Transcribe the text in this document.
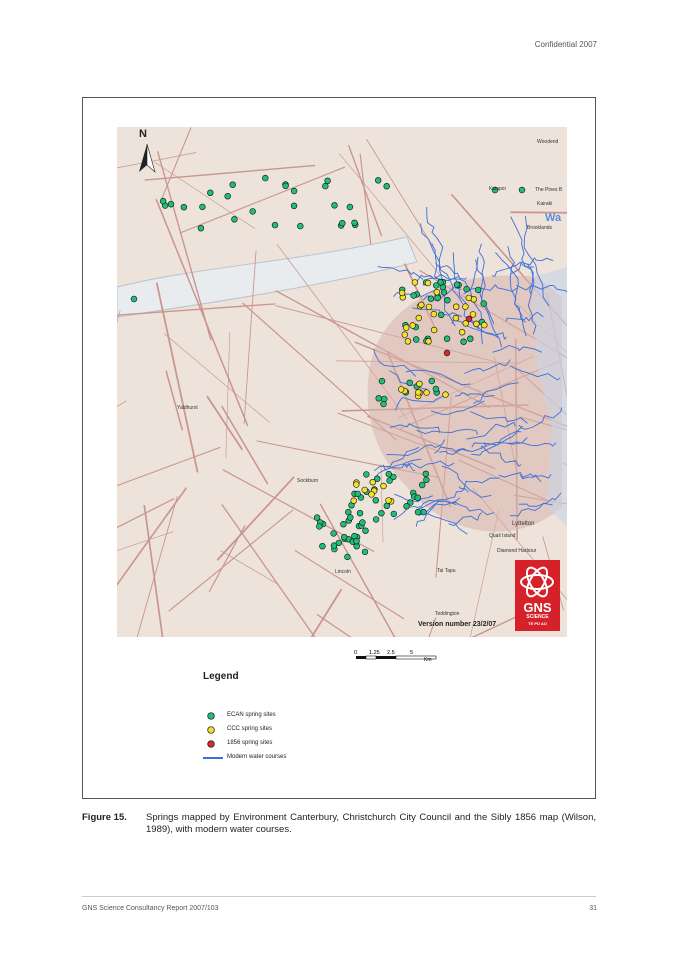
Confidential 2007
N
Kaiapoi	The Pines B
Kairaki
Woodend
Brooklands
Wa
Yaldhurst
Sockburn
Lincoln	Tai Tapu
Teddington
Quail Island
Diamond Harbour
Lyttelton
GNS
SCIENCE
TE PŪ AO
Version number 23/2/07
0 1.25 2.5	5
Km
Legend
ECAN spring sites
CCC spring sites
1856 spring sites
Modern water courses
Figure 15. Springs mapped by Environment Canterbury, Christchurch City Council and the Sibly 1856 map (Wilson, 1989), with modern water courses.
GNS Science Consultancy Report 2007/103	31
